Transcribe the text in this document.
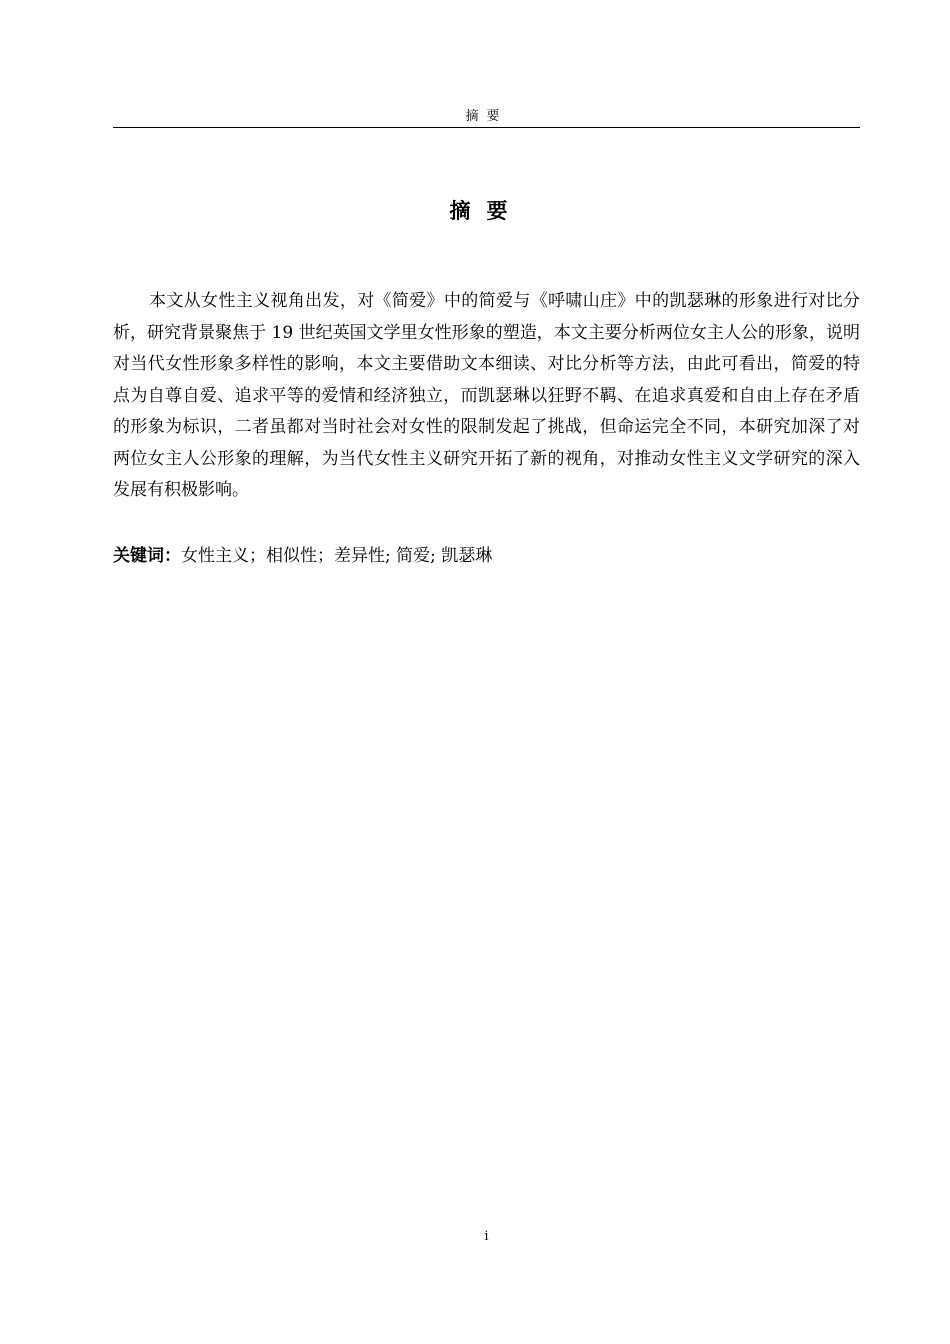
摘要
摘要

本文从女性主义视角出发，对《简爱》中的简爱与《呼啸山庄》中的凯瑟琳的形象进行对比分析，研究背景聚焦于 19 世纪英国文学里女性形象的塑造，本文主要分析两位女主人公的形象，说明对当代女性形象多样性的影响，本文主要借助文本细读、对比分析等方法，由此可看出，简爱的特点为自尊自爱、追求平等的爱情和经济独立，而凯瑟琳以狂野不羁、在追求真爱和自由上存在矛盾的形象为标识，二者虽都对当时社会对女性的限制发起了挑战，但命运完全不同，本研究加深了对两位女主人公形象的理解，为当代女性主义研究开拓了新的视角，对推动女性主义文学研究的深入发展有积极影响。

关键词：女性主义；相似性；差异性; 简爱; 凯瑟琳
i
